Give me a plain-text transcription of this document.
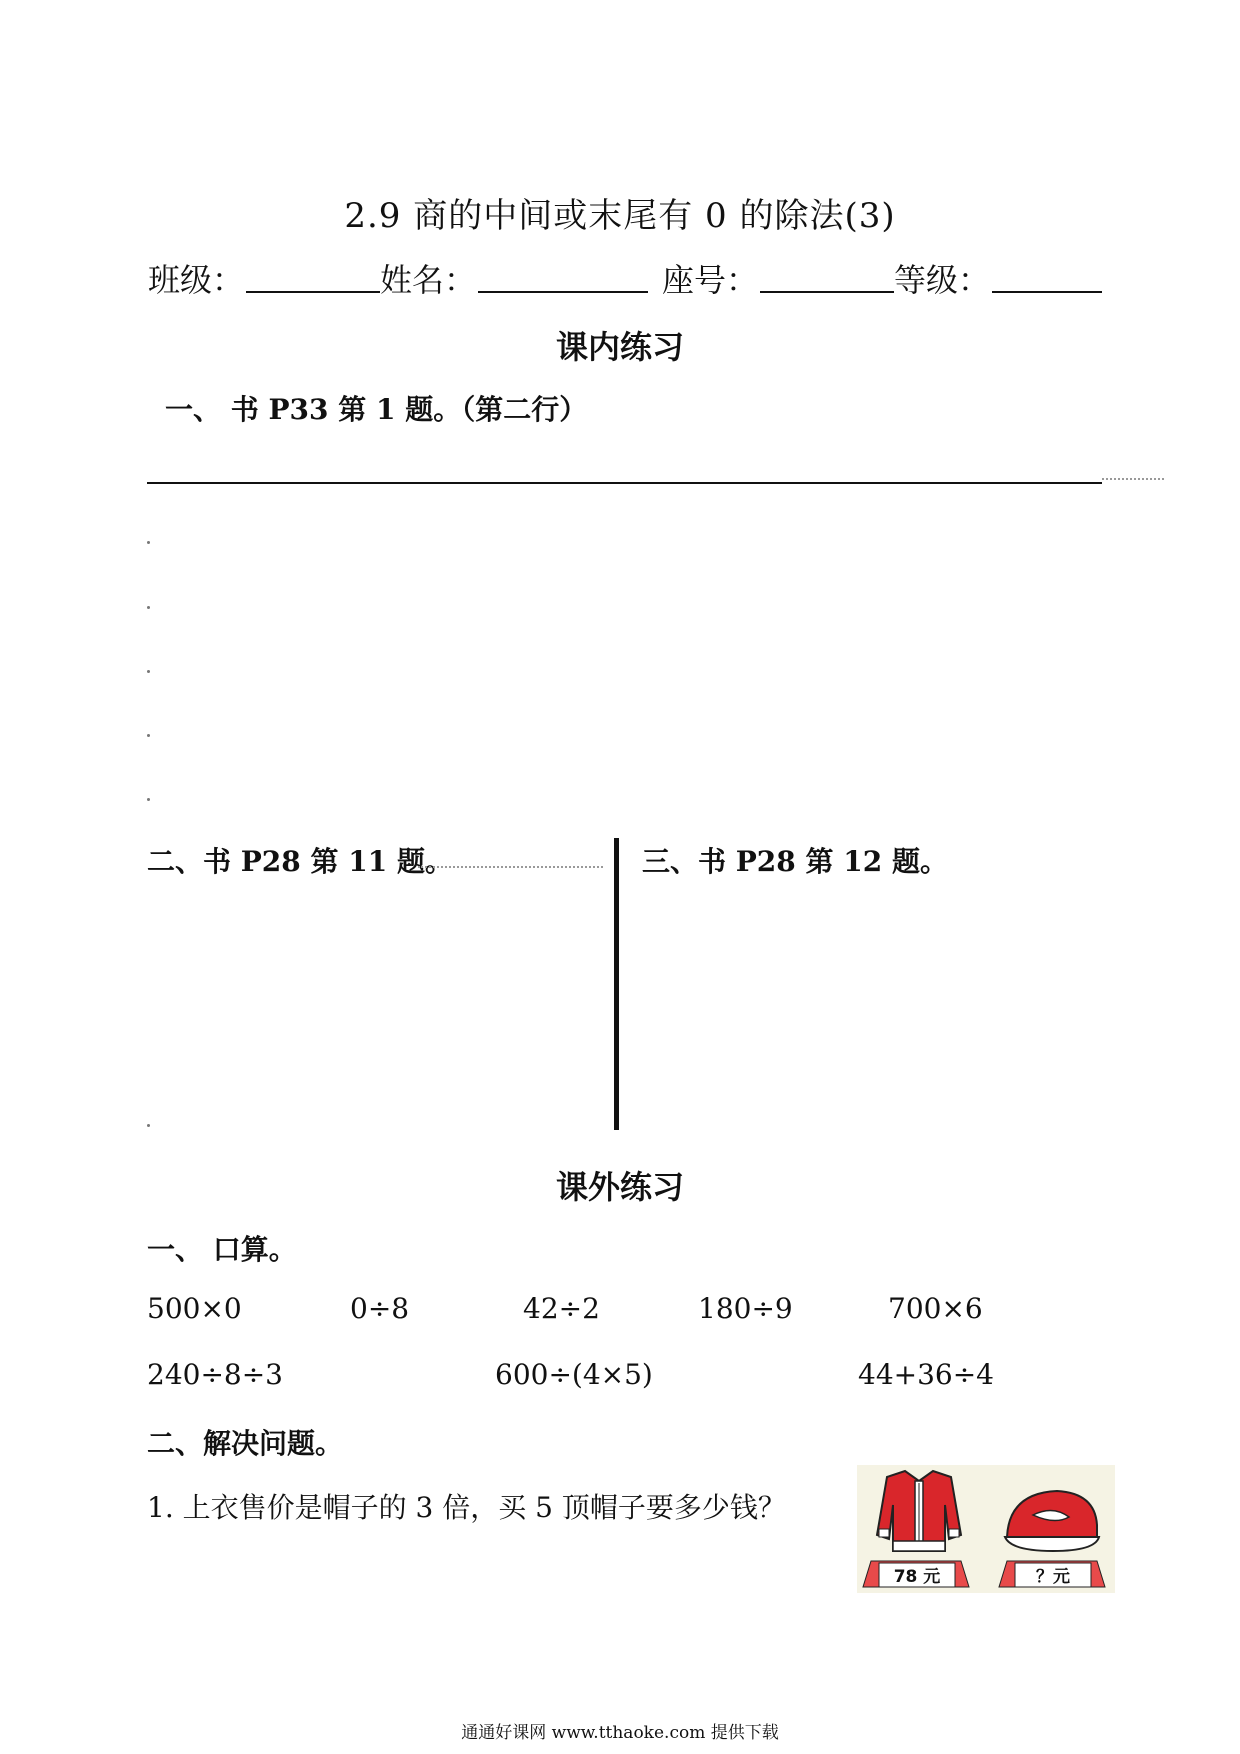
2.9 商的中间或末尾有 0 的除法(3)
班级：	姓名：	座号：	等级：
课内练习
一、 书 P33 第 1 题。（第二行）
二、书 P28 第 11 题。	三、书 P28 第 12 题。
课外练习
一、 口算。
500×0	0÷8	42÷2	180÷9	700×6
240÷8÷3	600÷(4×5)	44+36÷4
二、解决问题。
1. 上衣售价是帽子的 3 倍，买 5 顶帽子要多少钱？
78 元	？元
通通好课网 www.tthaoke.com 提供下载
